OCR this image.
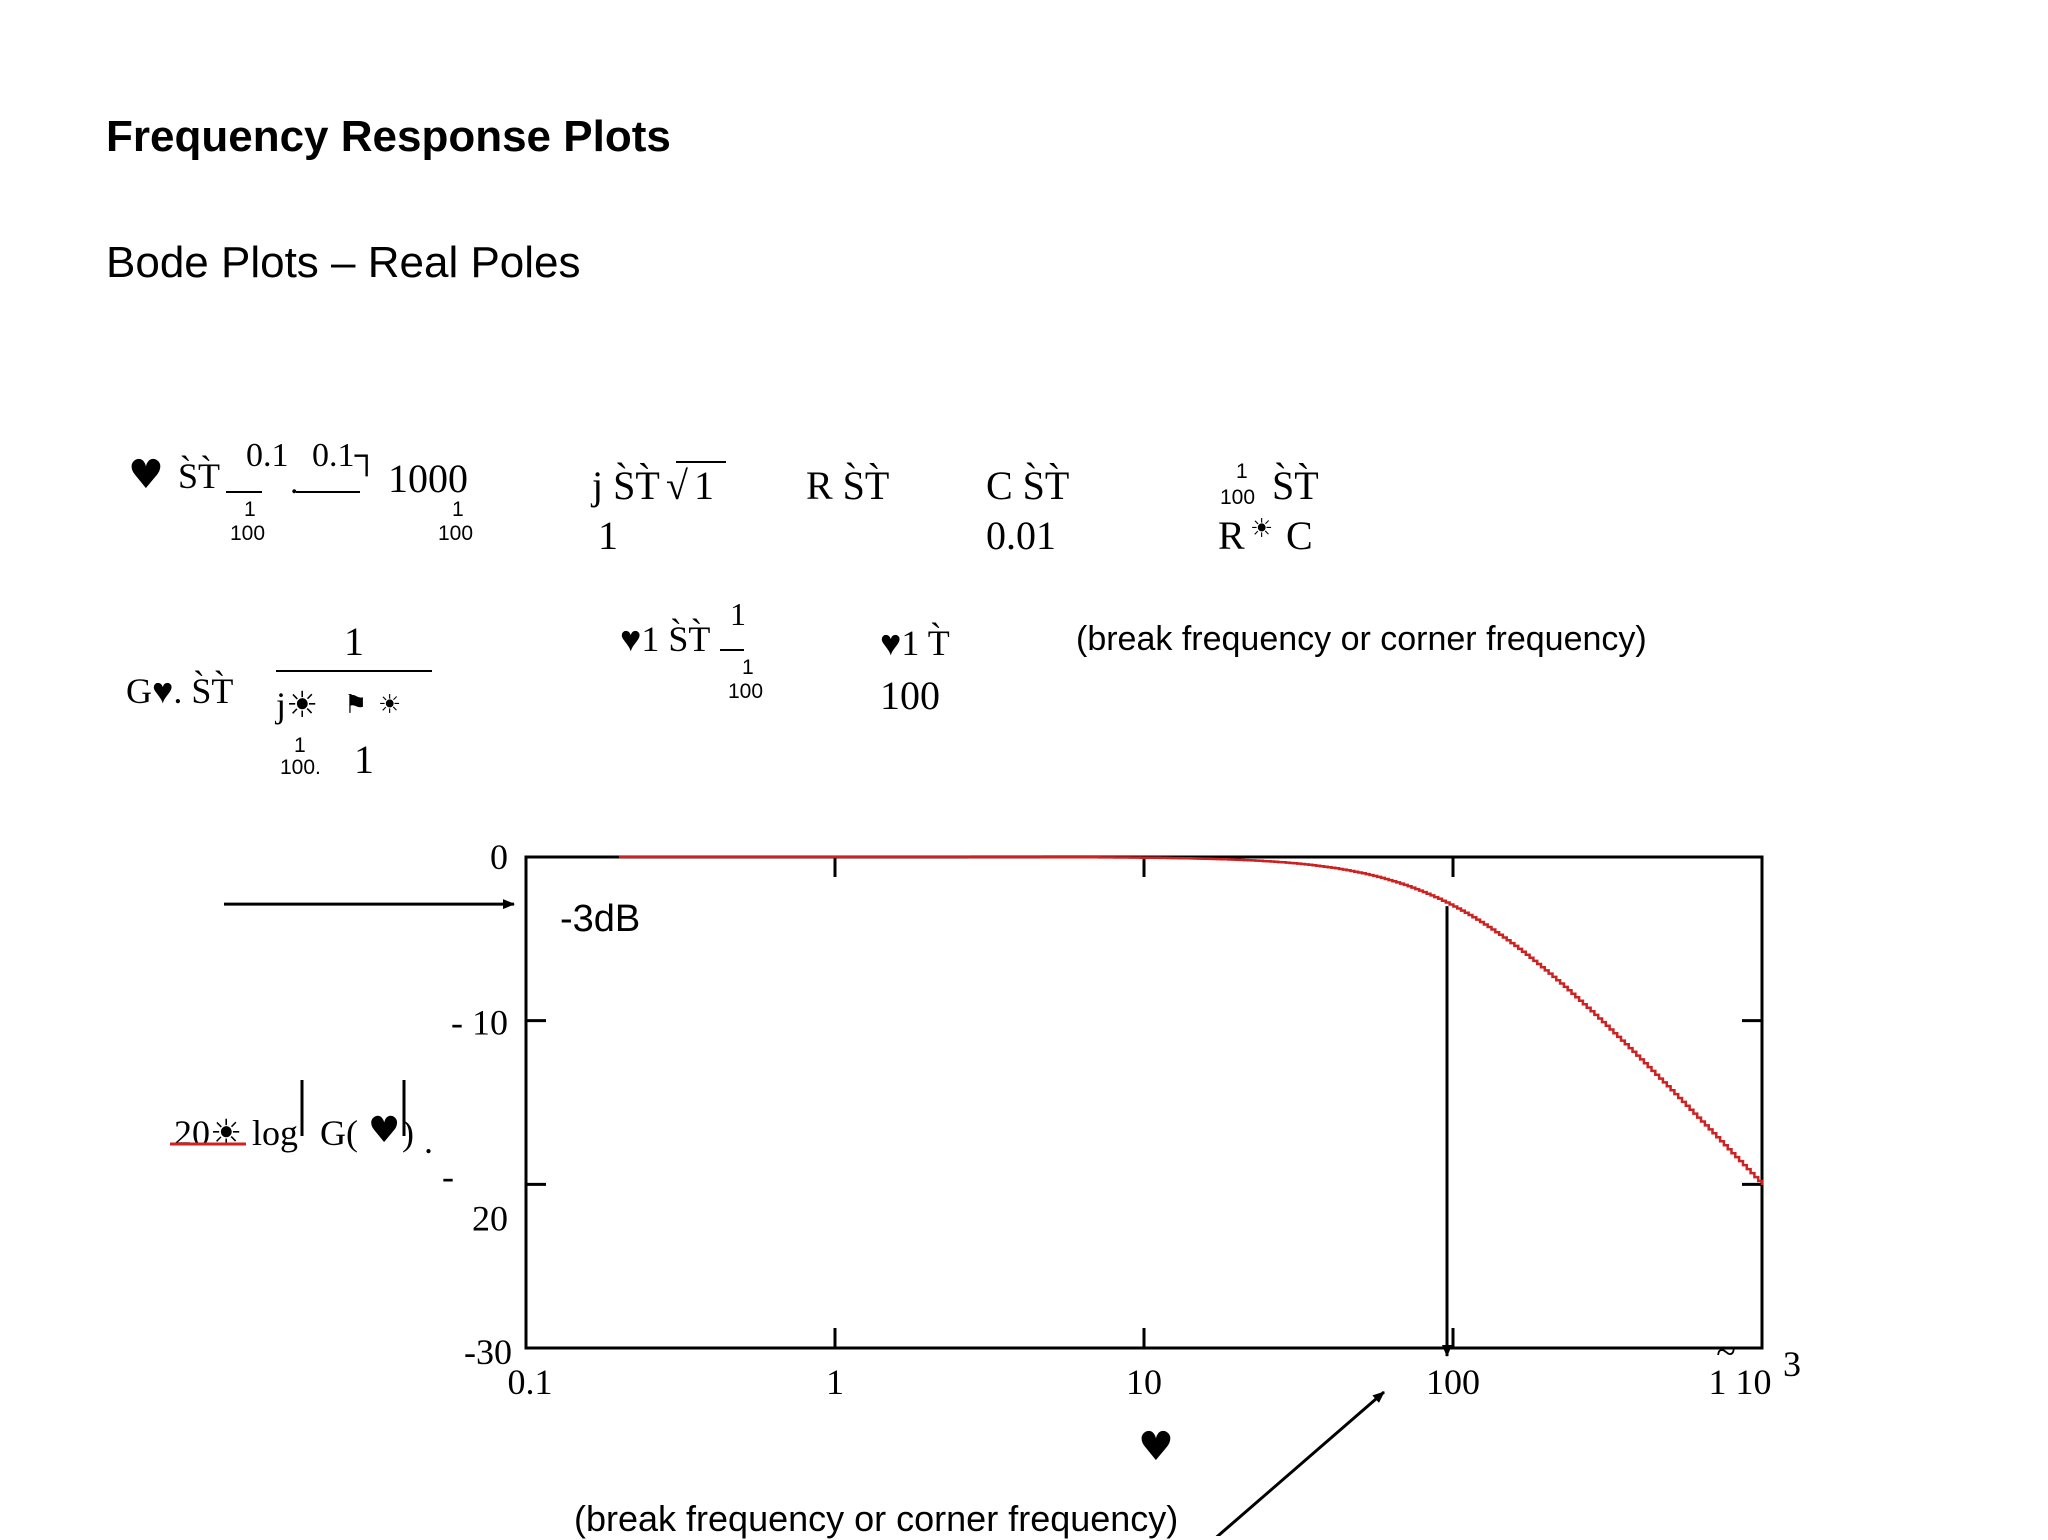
Frequency Response Plots
Bode Plots – Real Poles
♥ S̀T̀
0.1 0.1┐
. 1000
1
100
1
100
j S̀T̀ √ 1
1
R S̀T̀ C S̀T̀
0.01
1
100 S̀T̀
R ☀ C
G♥. S̀T̀
1
j☀ ⚑ ☀
1
100. 1
♥1 S̀T̀
1
1
100
♥1 T̀
100
(break frequency or corner frequency)
20☀ log G( ♥ ) .
-3dB
♥
(break frequency or corner frequency)
0.1	1	10	100	1 10 3
~
0
- 10
-
20
-30
